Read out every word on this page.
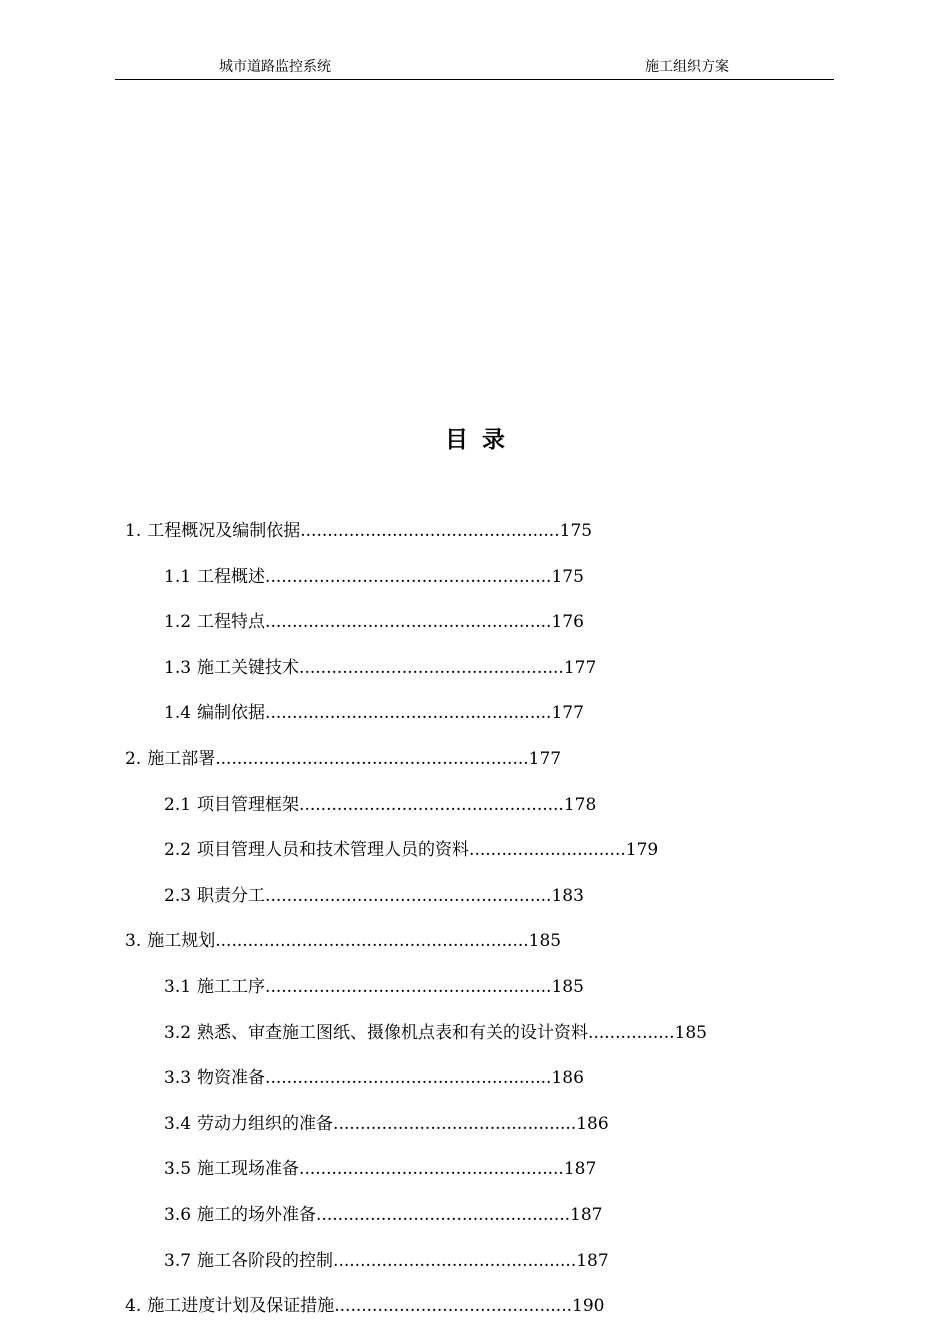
城市道路监控系统	施工组织方案
目录
1. 工程概况及编制依据................................................175
1.1 工程概述.....................................................175
1.2 工程特点.....................................................176
1.3 施工关键技术.................................................177
1.4 编制依据.....................................................177
2. 施工部署..........................................................177
2.1 项目管理框架.................................................178
2.2 项目管理人员和技术管理人员的资料.............................179
2.3 职责分工.....................................................183
3. 施工规划..........................................................185
3.1 施工工序.....................................................185
3.2 熟悉、审查施工图纸、摄像机点表和有关的设计资料................185
3.3 物资准备.....................................................186
3.4 劳动力组织的准备.............................................186
3.5 施工现场准备.................................................187
3.6 施工的场外准备...............................................187
3.7 施工各阶段的控制.............................................187
4. 施工进度计划及保证措施............................................190
